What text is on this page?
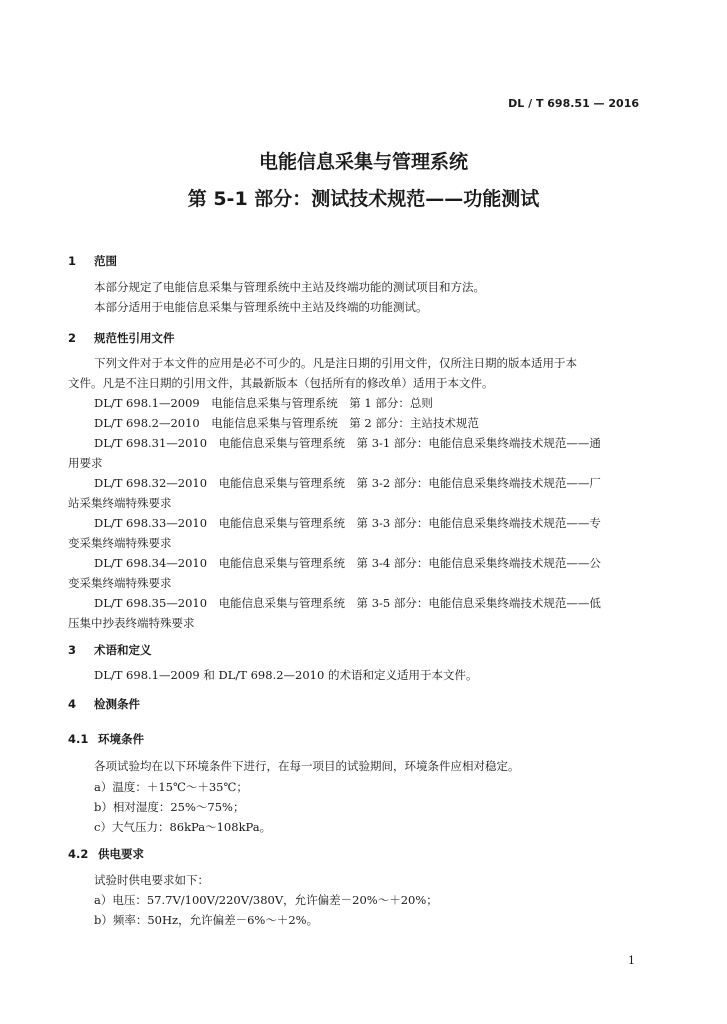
DL / T 698.51 — 2016
电能信息采集与管理系统
第 5-1 部分：测试技术规范——功能测试
1 范围
本部分规定了电能信息采集与管理系统中主站及终端功能的测试项目和方法。
本部分适用于电能信息采集与管理系统中主站及终端的功能测试。
2 规范性引用文件
下列文件对于本文件的应用是必不可少的。凡是注日期的引用文件，仅所注日期的版本适用于本
文件。凡是不注日期的引用文件，其最新版本（包括所有的修改单）适用于本文件。
DL/T 698.1—2009　电能信息采集与管理系统　第 1 部分：总则
DL/T 698.2—2010　电能信息采集与管理系统　第 2 部分：主站技术规范
DL/T 698.31—2010　电能信息采集与管理系统　第 3-1 部分：电能信息采集终端技术规范——通
用要求
DL/T 698.32—2010　电能信息采集与管理系统　第 3-2 部分：电能信息采集终端技术规范——厂
站采集终端特殊要求
DL/T 698.33—2010　电能信息采集与管理系统　第 3-3 部分：电能信息采集终端技术规范——专
变采集终端特殊要求
DL/T 698.34—2010　电能信息采集与管理系统　第 3-4 部分：电能信息采集终端技术规范——公
变采集终端特殊要求
DL/T 698.35—2010　电能信息采集与管理系统　第 3-5 部分：电能信息采集终端技术规范——低
压集中抄表终端特殊要求
3 术语和定义
DL/T 698.1—2009 和 DL/T 698.2—2010 的术语和定义适用于本文件。
4 检测条件
4.1 环境条件
各项试验均在以下环境条件下进行，在每一项目的试验期间，环境条件应相对稳定。
a）温度：＋15℃～＋35℃；
b）相对湿度：25%～75%；
c）大气压力：86kPa～108kPa。
4.2 供电要求
试验时供电要求如下：
a）电压：57.7V/100V/220V/380V，允许偏差－20%～＋20%；
b）频率：50Hz，允许偏差－6%～＋2%。
1
